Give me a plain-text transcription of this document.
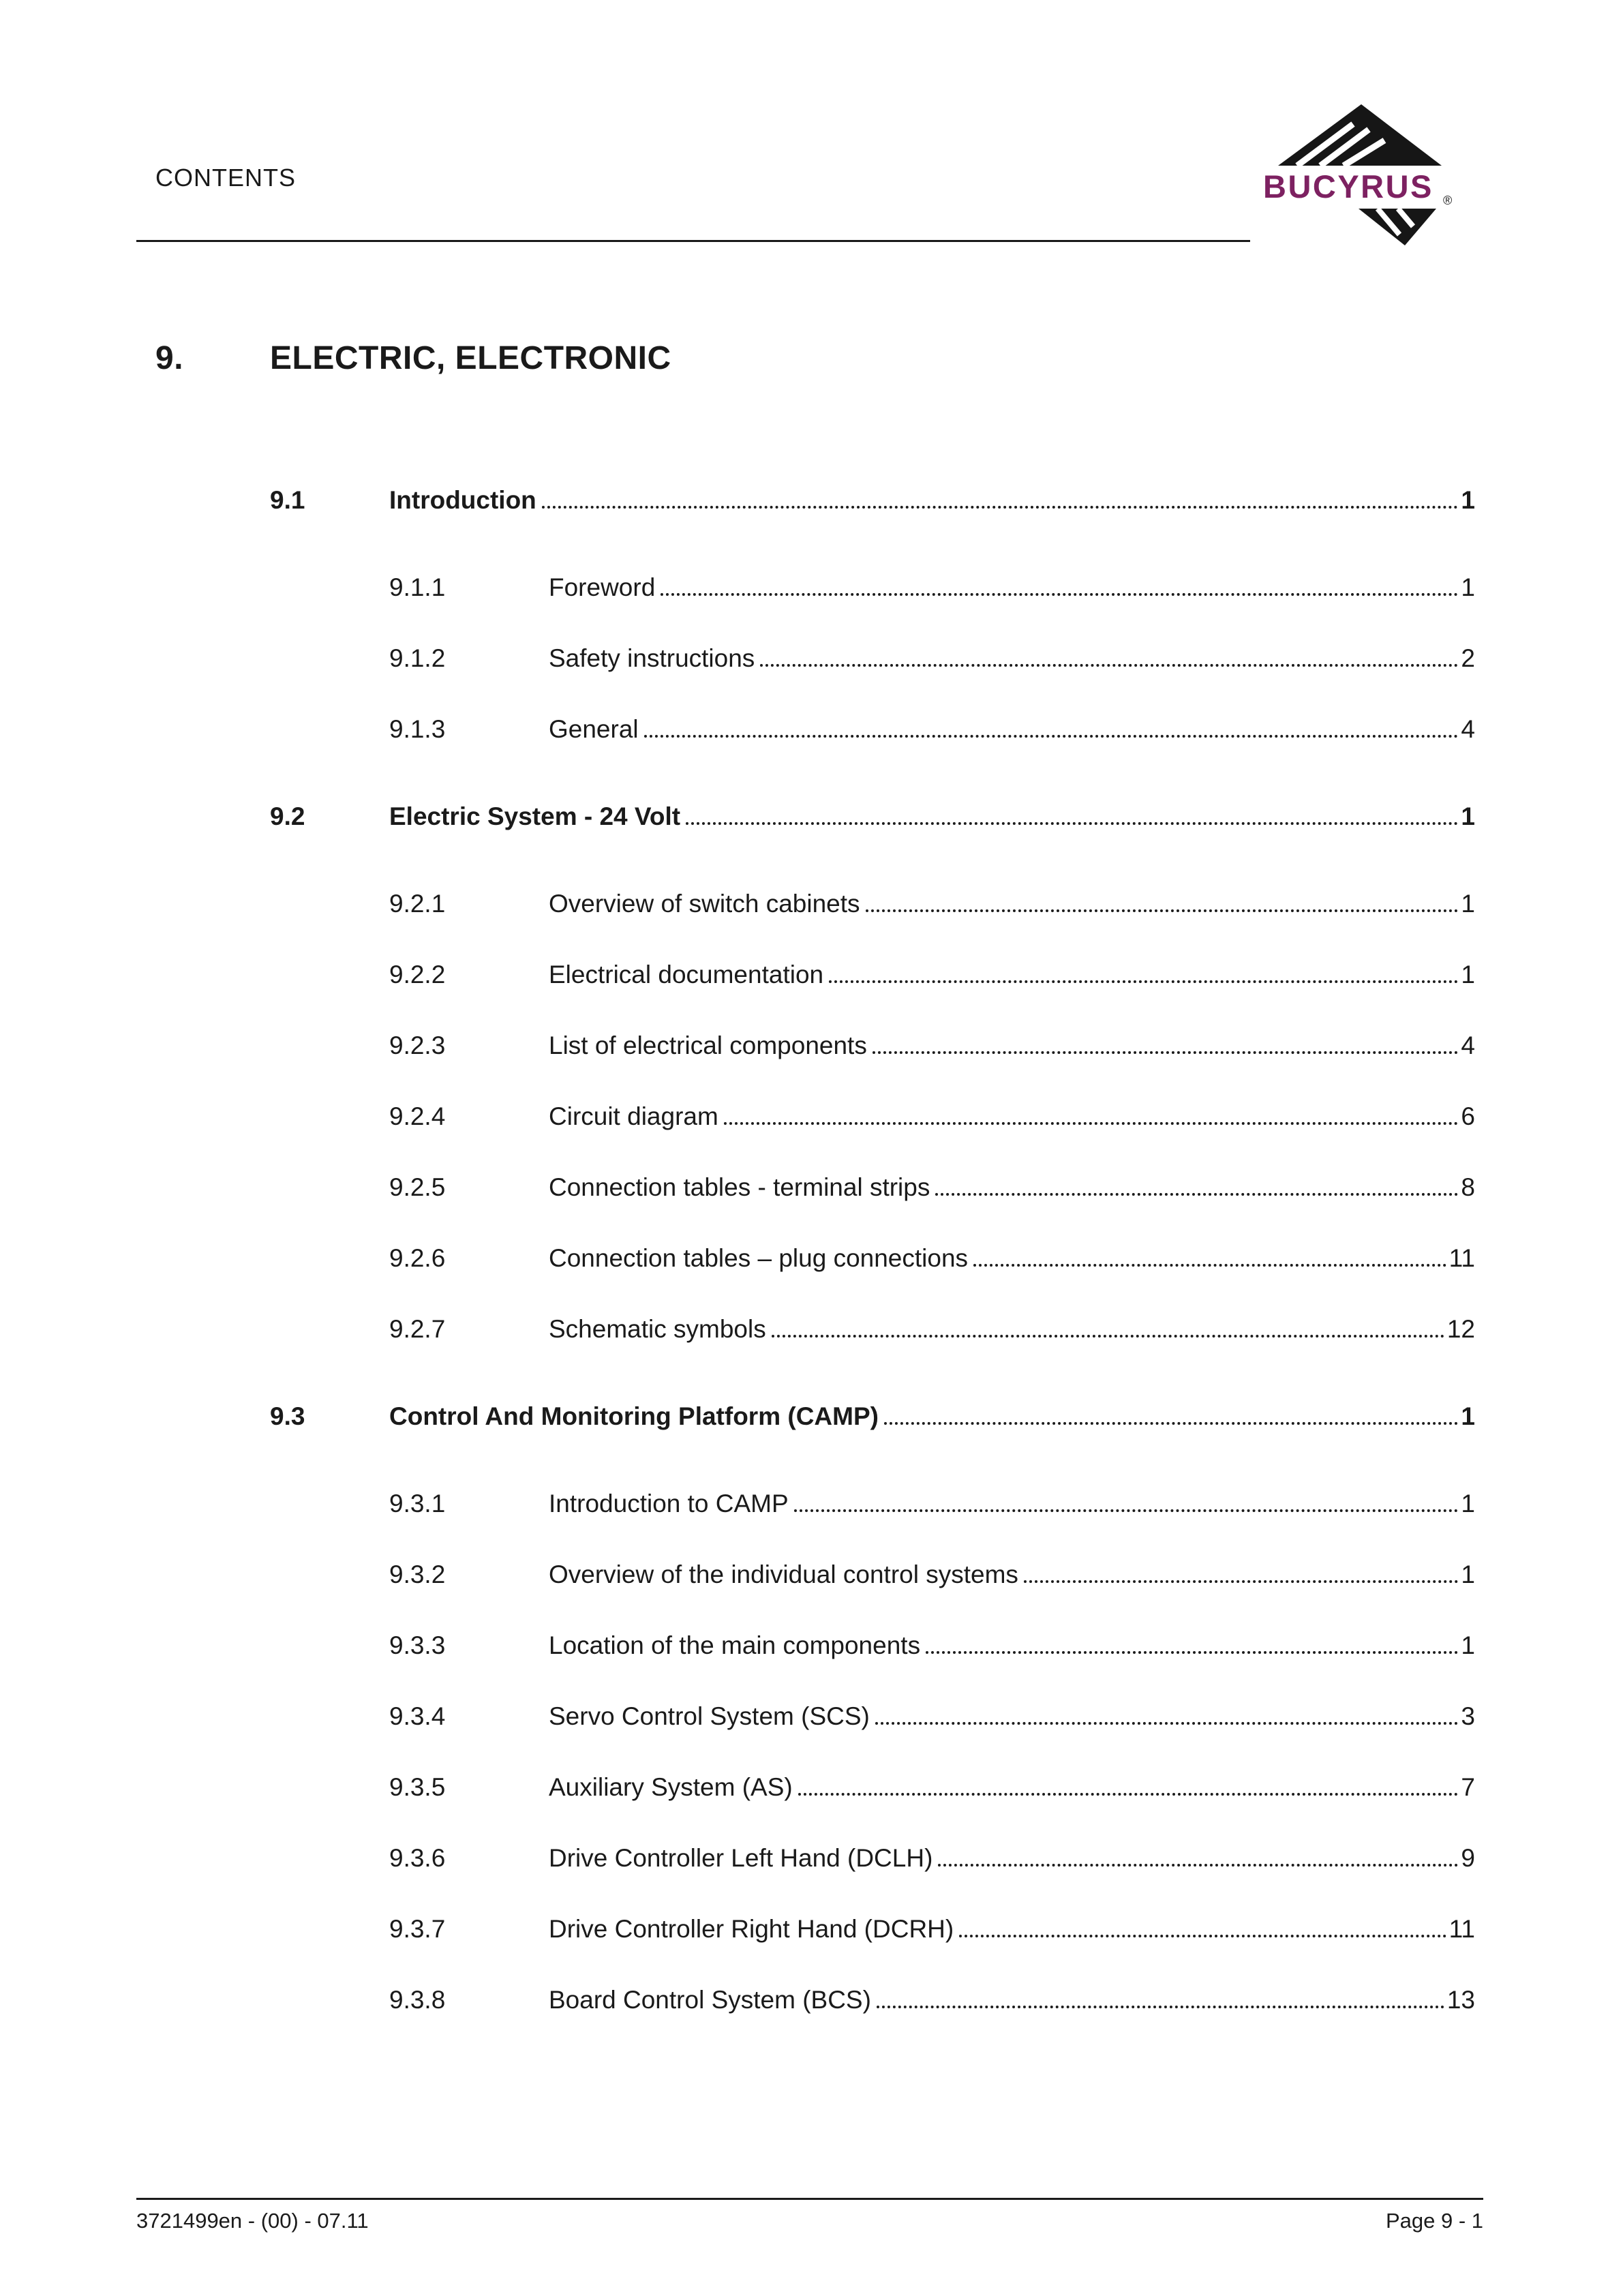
CONTENTS	BUCYRUS ®
9.	ELECTRIC, ELECTRONIC
9.1	Introduction	1
9.1.1	Foreword	1
9.1.2	Safety instructions	2
9.1.3	General	4
9.2	Electric System - 24 Volt	1
9.2.1	Overview of switch cabinets	1
9.2.2	Electrical documentation	1
9.2.3	List of electrical components	4
9.2.4	Circuit diagram	6
9.2.5	Connection tables - terminal strips	8
9.2.6	Connection tables – plug connections	11
9.2.7	Schematic symbols	12
9.3	Control And Monitoring Platform (CAMP)	1
9.3.1	Introduction to CAMP	1
9.3.2	Overview of the individual control systems	1
9.3.3	Location of the main components	1
9.3.4	Servo Control System (SCS)	3
9.3.5	Auxiliary System (AS)	7
9.3.6	Drive Controller Left Hand (DCLH)	9
9.3.7	Drive Controller Right Hand (DCRH)	11
9.3.8	Board Control System (BCS)	13
3721499en - (00) - 07.11	Page 9 - 1
